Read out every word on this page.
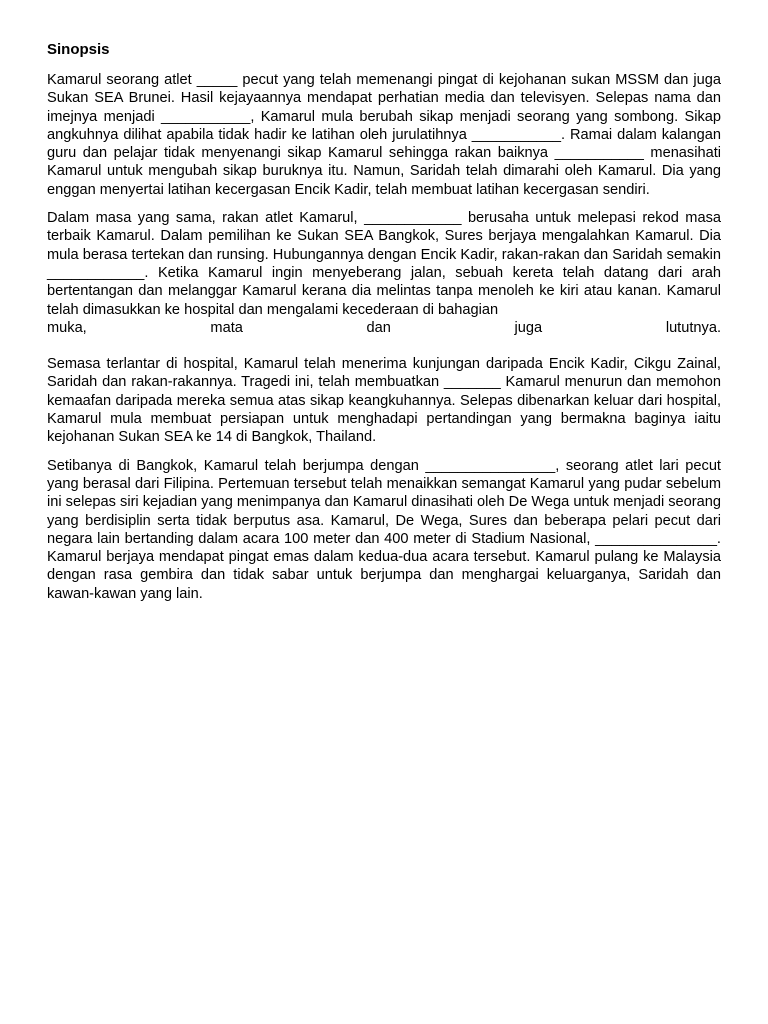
Sinopsis

Kamarul seorang atlet _____ pecut yang telah memenangi pingat di kejohanan sukan MSSM dan juga Sukan SEA Brunei. Hasil kejayaannya mendapat perhatian media dan televisyen. Selepas nama dan imejnya menjadi ___________, Kamarul mula berubah sikap menjadi seorang yang sombong. Sikap angkuhnya dilihat apabila tidak hadir ke latihan oleh jurulatihnya ___________. Ramai dalam kalangan guru dan pelajar tidak menyenangi sikap Kamarul sehingga rakan baiknya ___________ menasihati Kamarul untuk mengubah sikap buruknya itu. Namun, Saridah telah dimarahi oleh Kamarul. Dia yang enggan menyertai latihan kecergasan Encik Kadir, telah membuat latihan kecergasan sendiri.

Dalam masa yang sama, rakan atlet Kamarul, ____________ berusaha untuk melepasi rekod masa terbaik Kamarul. Dalam pemilihan ke Sukan SEA Bangkok, Sures berjaya mengalahkan Kamarul. Dia mula berasa tertekan dan runsing. Hubungannya dengan Encik Kadir, rakan-rakan dan Saridah semakin ____________. Ketika Kamarul ingin menyeberang jalan, sebuah kereta telah datang dari arah bertentangan dan melanggar Kamarul kerana dia melintas tanpa menoleh ke kiri atau kanan. Kamarul telah dimasukkan ke hospital dan mengalami kecederaan di bahagian

muka, mata dan juga lututnya.

Semasa terlantar di hospital, Kamarul telah menerima kunjungan daripada Encik Kadir, Cikgu Zainal, Saridah dan rakan-rakannya. Tragedi ini, telah membuatkan _______ Kamarul menurun dan memohon kemaafan daripada mereka semua atas sikap keangkuhannya. Selepas dibenarkan keluar dari hospital, Kamarul mula membuat persiapan untuk menghadapi pertandingan yang bermakna baginya iaitu kejohanan Sukan SEA ke 14 di Bangkok, Thailand.

Setibanya di Bangkok, Kamarul telah berjumpa dengan ________________, seorang atlet lari pecut yang berasal dari Filipina. Pertemuan tersebut telah menaikkan semangat Kamarul yang pudar sebelum ini selepas siri kejadian yang menimpanya dan Kamarul dinasihati oleh De Wega untuk menjadi seorang yang berdisiplin serta tidak berputus asa. Kamarul, De Wega, Sures dan beberapa pelari pecut dari negara lain bertanding dalam acara 100 meter dan 400 meter di Stadium Nasional, _______________. Kamarul berjaya mendapat pingat emas dalam kedua-dua acara tersebut. Kamarul pulang ke Malaysia dengan rasa gembira dan tidak sabar untuk berjumpa dan menghargai keluarganya, Saridah dan kawan-kawan yang lain.
